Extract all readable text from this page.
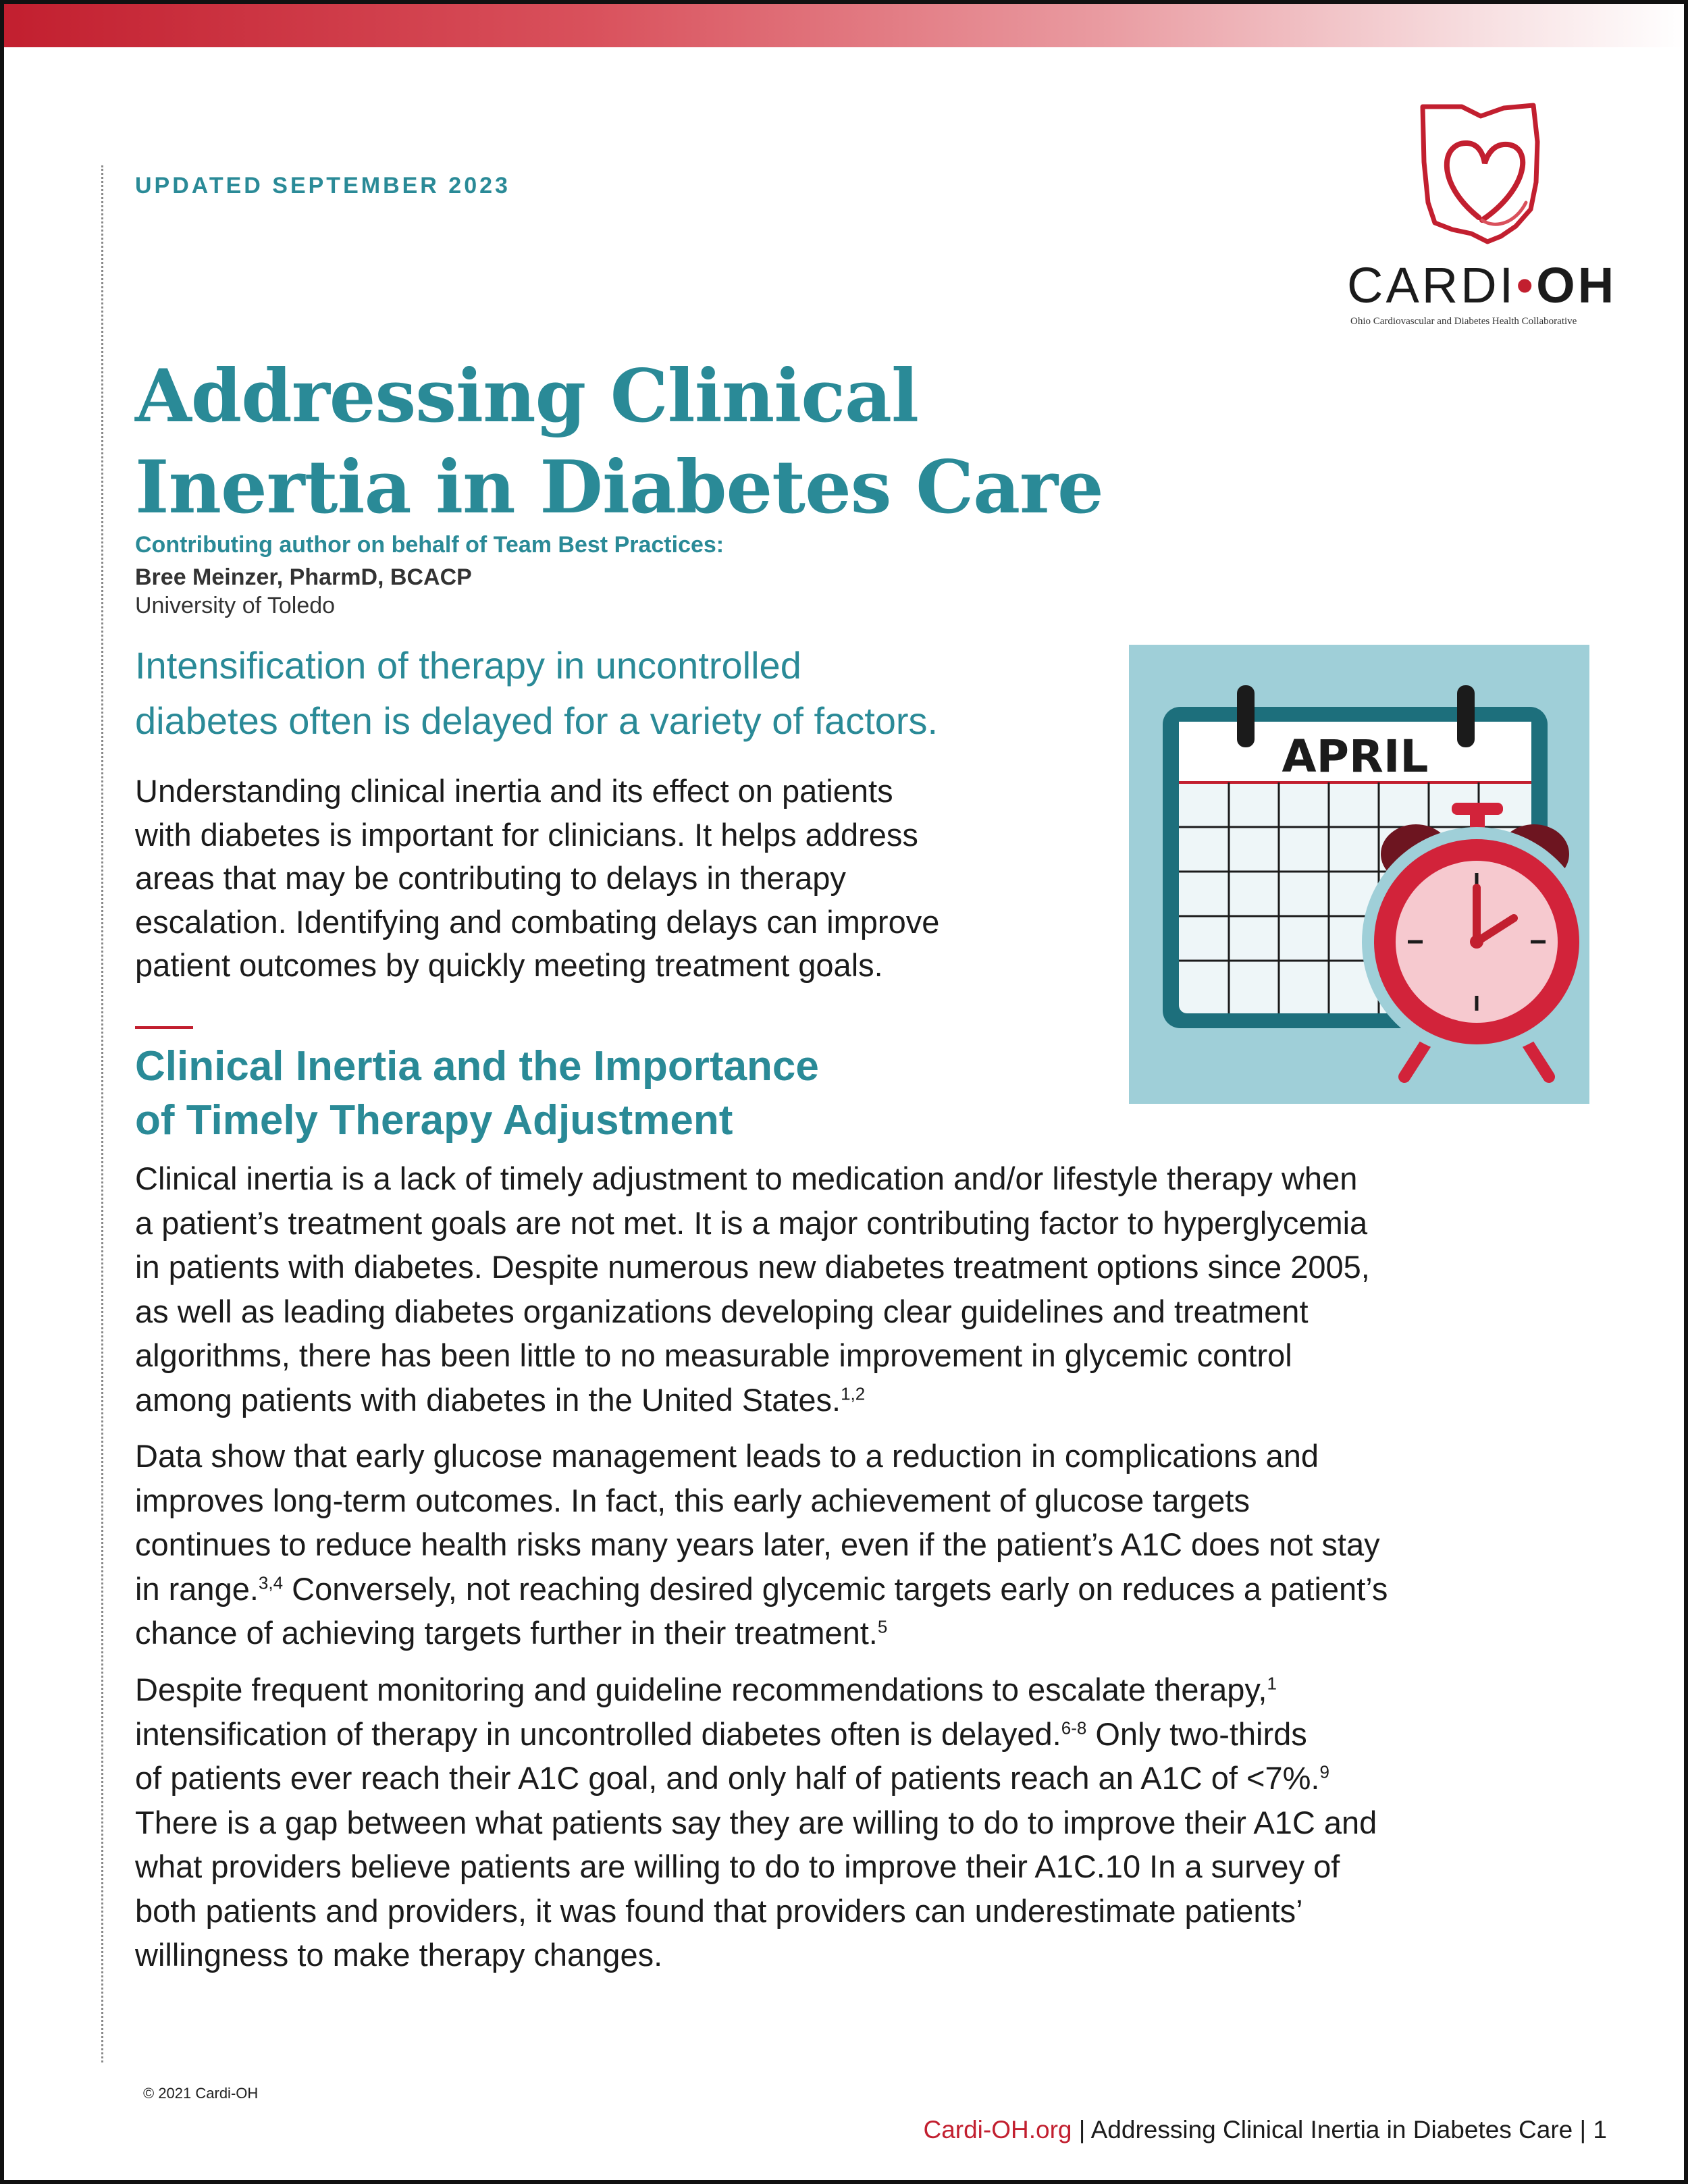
UPDATED SEPTEMBER 2023
CARDI•OH
Ohio Cardiovascular and Diabetes Health Collaborative
Addressing Clinical
Inertia in Diabetes Care
Contributing author on behalf of Team Best Practices:
Bree Meinzer, PharmD, BCACP
University of Toledo
Intensification of therapy in uncontrolled
diabetes often is delayed for a variety of factors.

Understanding clinical inertia and its effect on patients
with diabetes is important for clinicians. It helps address
areas that may be contributing to delays in therapy
escalation. Identifying and combating delays can improve
patient outcomes by quickly meeting treatment goals.

APRIL
Clinical Inertia and the Importance
of Timely Therapy Adjustment

Clinical inertia is a lack of timely adjustment to medication and/or lifestyle therapy when
a patient’s treatment goals are not met. It is a major contributing factor to hyperglycemia
in patients with diabetes. Despite numerous new diabetes treatment options since 2005,
as well as leading diabetes organizations developing clear guidelines and treatment
algorithms, there has been little to no measurable improvement in glycemic control
among patients with diabetes in the United States.$^{1,2}$

Data show that early glucose management leads to a reduction in complications and
improves long-term outcomes. In fact, this early achievement of glucose targets
continues to reduce health risks many years later, even if the patient’s A1C does not stay
in range.$^{3,4}$ Conversely, not reaching desired glycemic targets early on reduces a patient’s
chance of achieving targets further in their treatment.$^5$

Despite frequent monitoring and guideline recommendations to escalate therapy,$^1$
intensification of therapy in uncontrolled diabetes often is delayed.$^{6-8}$ Only two-thirds
of patients ever reach their A1C goal, and only half of patients reach an A1C of <7%.$^9$
There is a gap between what patients say they are willing to do to improve their A1C and
what providers believe patients are willing to do to improve their A1C.10 In a survey of
both patients and providers, it was found that providers can underestimate patients’
willingness to make therapy changes.

© 2021 Cardi-OH
Cardi-OH.org | Addressing Clinical Inertia in Diabetes Care | 1
